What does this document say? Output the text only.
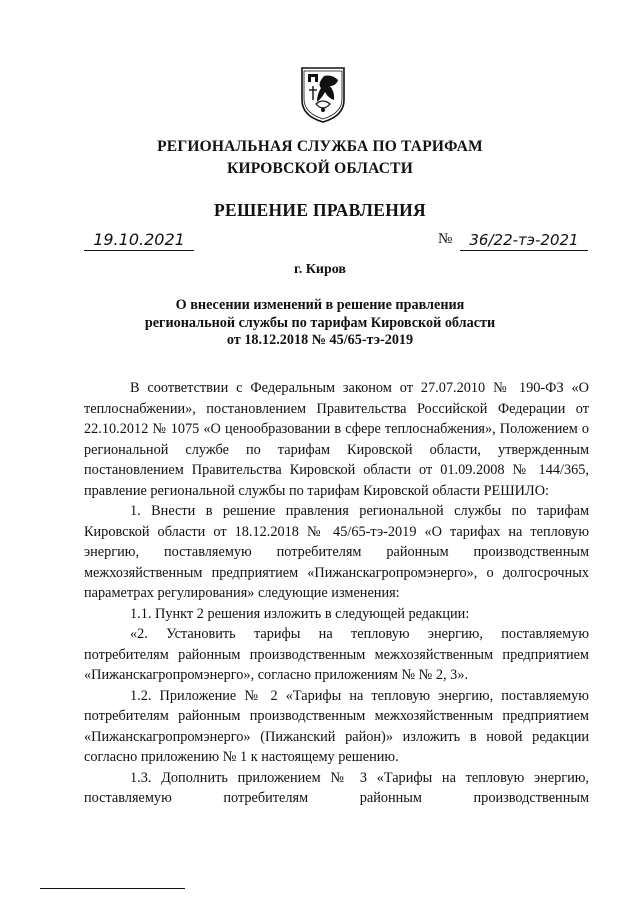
РЕГИОНАЛЬНАЯ СЛУЖБА ПО ТАРИФАМ
КИРОВСКОЙ ОБЛАСТИ
РЕШЕНИЕ ПРАВЛЕНИЯ
19.10.2021	№	36/22-тэ-2021
г. Киров
О внесении изменений в решение правления
региональной службы по тарифам Кировской области
от 18.12.2018 № 45/65-тэ-2019

В соответствии с Федеральным законом от 27.07.2010 № 190-ФЗ «О теплоснабжении», постановлением Правительства Российской Федерации от 22.10.2012 № 1075 «О ценообразовании в сфере теплоснабжения», Положением о региональной службе по тарифам Кировской области, утвержденным постановлением Правительства Кировской области от 01.09.2008 № 144/365, правление региональной службы по тарифам Кировской области РЕШИЛО:

1. Внести в решение правления региональной службы по тарифам Кировской области от 18.12.2018 № 45/65-тэ-2019 «О тарифах на тепловую энергию, поставляемую потребителям районным производственным межхозяйственным предприятием «Пижанскагропромэнерго», о долгосрочных параметрах регулирования» следующие изменения:

1.1. Пункт 2 решения изложить в следующей редакции:

«2. Установить тарифы на тепловую энергию, поставляемую потребителям районным производственным межхозяйственным предприятием «Пижанскагропромэнерго», согласно приложениям № № 2, 3».

1.2. Приложение № 2 «Тарифы на тепловую энергию, поставляемую потребителям районным производственным межхозяйственным предприятием «Пижанскагропромэнерго» (Пижанский район)» изложить в новой редакции согласно приложению № 1 к настоящему решению.

1.3. Дополнить приложением № 3 «Тарифы на тепловую энергию, поставляемую потребителям районным производственным
